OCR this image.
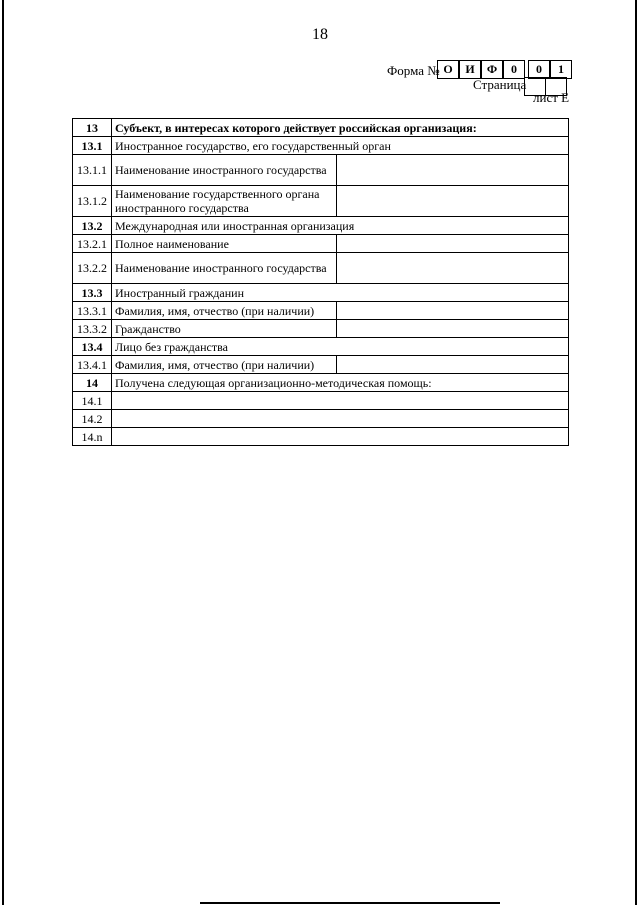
18
Форма № О	И	Ф	0	0	1
Страница
лист Е
13	Субъект, в интересах которого действует российская организация:	
13.1	Иностранное государство, его государственный орган	
13.1.1	Наименование иностранного государства	
13.1.2	Наименование государственного органа иностранного государства	
13.2	Международная или иностранная организация	
13.2.1	Полное наименование	
13.2.2	Наименование иностранного государства	
13.3	Иностранный гражданин	
13.3.1	Фамилия, имя, отчество (при наличии)	
13.3.2	Гражданство	
13.4	Лицо без гражданства	
13.4.1	Фамилия, имя, отчество (при наличии)	
14	Получена следующая организационно-методическая помощь:	
14.1		
14.2		
14.n		
